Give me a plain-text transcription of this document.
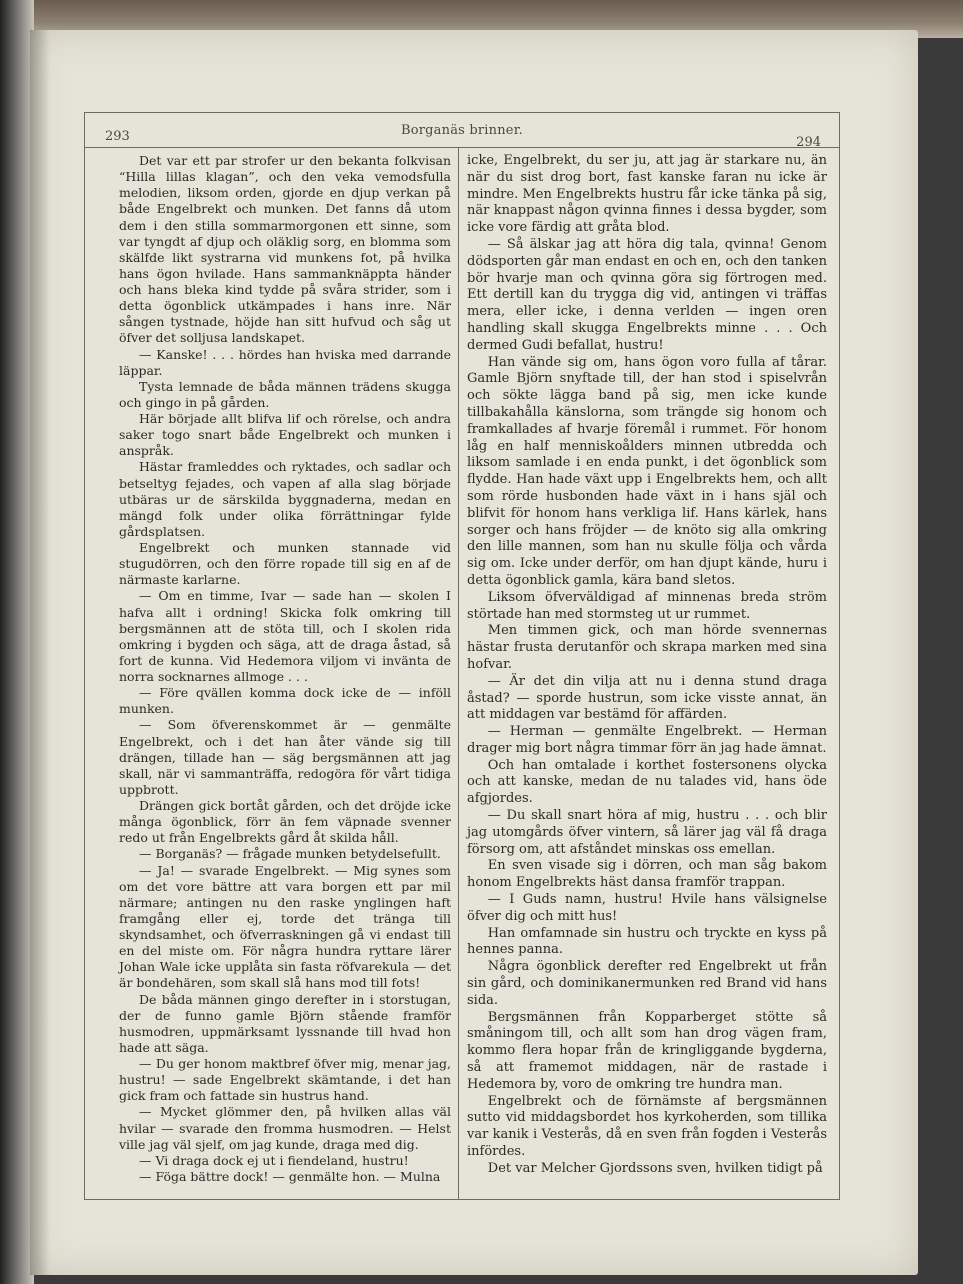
293	Borganäs brinner.
294

Det var ett par strofer ur den bekanta folkvisan “Hilla lillas klagan”, och den veka vemodsfulla melodien, liksom orden, gjorde en djup verkan på både Engelbrekt och munken. Det fanns då utom dem i den stilla sommarmorgonen ett sinne, som var tyngdt af djup och oläklig sorg, en blomma som skälfde likt systrarna vid munkens fot, på hvilka hans ögon hvilade. Hans sammanknäppta händer och hans bleka kind tydde på svåra strider, som i detta ögonblick utkämpades i hans inre. När sången tystnade, höjde han sitt hufvud och såg ut öfver det solljusa landskapet.

— Kanske! . . . hördes han hviska med darrande läppar.

Tysta lemnade de båda männen trädens skugga och gingo in på gården.

Här började allt blifva lif och rörelse, och andra saker togo snart både Engelbrekt och munken i anspråk.

Hästar framleddes och ryktades, och sadlar och betseltyg fejades, och vapen af alla slag började utbäras ur de särskilda byggnaderna, medan en mängd folk under olika förrättningar fylde gårdsplatsen.

Engelbrekt och munken stannade vid stugudörren, och den förre ropade till sig en af de närmaste karlarne.

— Om en timme, Ivar — sade han — skolen I hafva allt i ordning! Skicka folk omkring till bergsmännen att de stöta till, och I skolen rida omkring i bygden och säga, att de draga åstad, så fort de kunna. Vid Hedemora viljom vi invänta de norra socknarnes allmoge . . .

— Före qvällen komma dock icke de — inföll munken.

— Som öfverenskommet är — genmälte Engelbrekt, och i det han åter vände sig till drängen, tillade han — säg bergsmännen att jag skall, när vi sammanträffa, redogöra för vårt tidiga uppbrott.

Drängen gick bortåt gården, och det dröjde icke många ögonblick, förr än fem väpnade svenner redo ut från Engelbrekts gård åt skilda håll.

— Borganäs? — frågade munken betydelsefullt.

— Ja! — svarade Engelbrekt. — Mig synes som om det vore bättre att vara borgen ett par mil närmare; antingen nu den raske ynglingen haft framgång eller ej, torde det tränga till skyndsamhet, och öfverraskningen gå vi endast till en del miste om. För några hundra ryttare lärer Johan Wale icke upplåta sin fasta röfvarekula — det är bondehären, som skall slå hans mod till fots!

De båda männen gingo derefter in i storstugan, der de funno gamle Björn stående framför husmodren, uppmärksamt lyssnande till hvad hon hade att säga.

— Du ger honom maktbref öfver mig, menar jag, hustru! — sade Engelbrekt skämtande, i det han gick fram och fattade sin hustrus hand.

— Mycket glömmer den, på hvilken allas väl hvilar — svarade den fromma husmodren. — Helst ville jag väl sjelf, om jag kunde, draga med dig.

— Vi draga dock ej ut i fiendeland, hustru!

— Föga bättre dock! — genmälte hon. — Mulna

icke, Engelbrekt, du ser ju, att jag är starkare nu, än när du sist drog bort, fast kanske faran nu icke är mindre. Men Engelbrekts hustru får icke tänka på sig, när knappast någon qvinna finnes i dessa bygder, som icke vore färdig att gråta blod.

— Så älskar jag att höra dig tala, qvinna! Genom dödsporten går man endast en och en, och den tanken bör hvarje man och qvinna göra sig förtrogen med. Ett dertill kan du trygga dig vid, antingen vi träffas mera, eller icke, i denna verlden — ingen oren handling skall skugga Engelbrekts minne . . . Och dermed Gudi befallat, hustru!

Han vände sig om, hans ögon voro fulla af tårar. Gamle Björn snyftade till, der han stod i spiselvrån och sökte lägga band på sig, men icke kunde tillbakahålla känslorna, som trängde sig honom och framkallades af hvarje föremål i rummet. För honom låg en half menniskoålders minnen utbredda och liksom samlade i en enda punkt, i det ögonblick som flydde. Han hade växt upp i Engelbrekts hem, och allt som rörde husbonden hade växt in i hans själ och blifvit för honom hans verkliga lif. Hans kärlek, hans sorger och hans fröjder — de knöto sig alla omkring den lille mannen, som han nu skulle följa och vårda sig om. Icke under derför, om han djupt kände, huru i detta ögonblick gamla, kära band sletos.

Liksom öfverväldigad af minnenas breda ström störtade han med stormsteg ut ur rummet.

Men timmen gick, och man hörde svennernas hästar frusta derutanför och skrapa marken med sina hofvar.

— Är det din vilja att nu i denna stund draga åstad? — sporde hustrun, som icke visste annat, än att middagen var bestämd för affärden.

— Herman — genmälte Engelbrekt. — Herman drager mig bort några timmar förr än jag hade ämnat.

Och han omtalade i korthet fostersonens olycka och att kanske, medan de nu talades vid, hans öde afgjordes.

— Du skall snart höra af mig, hustru . . . och blir jag utomgårds öfver vintern, så lärer jag väl få draga försorg om, att afståndet minskas oss emellan.

En sven visade sig i dörren, och man såg bakom honom Engelbrekts häst dansa framför trappan.

— I Guds namn, hustru! Hvile hans välsignelse öfver dig och mitt hus!

Han omfamnade sin hustru och tryckte en kyss på hennes panna.

Några ögonblick derefter red Engelbrekt ut från sin gård, och dominikanermunken red Brand vid hans sida.

Bergsmännen från Kopparberget stötte så småningom till, och allt som han drog vägen fram, kommo flera hopar från de kringliggande bygderna, så att framemot middagen, när de rastade i Hedemora by, voro de omkring tre hundra man.

Engelbrekt och de förnämste af bergsmännen sutto vid middagsbordet hos kyrkoherden, som tillika var kanik i Vesterås, då en sven från fogden i Vesterås infördes.

Det var Melcher Gjordssons sven, hvilken tidigt på
